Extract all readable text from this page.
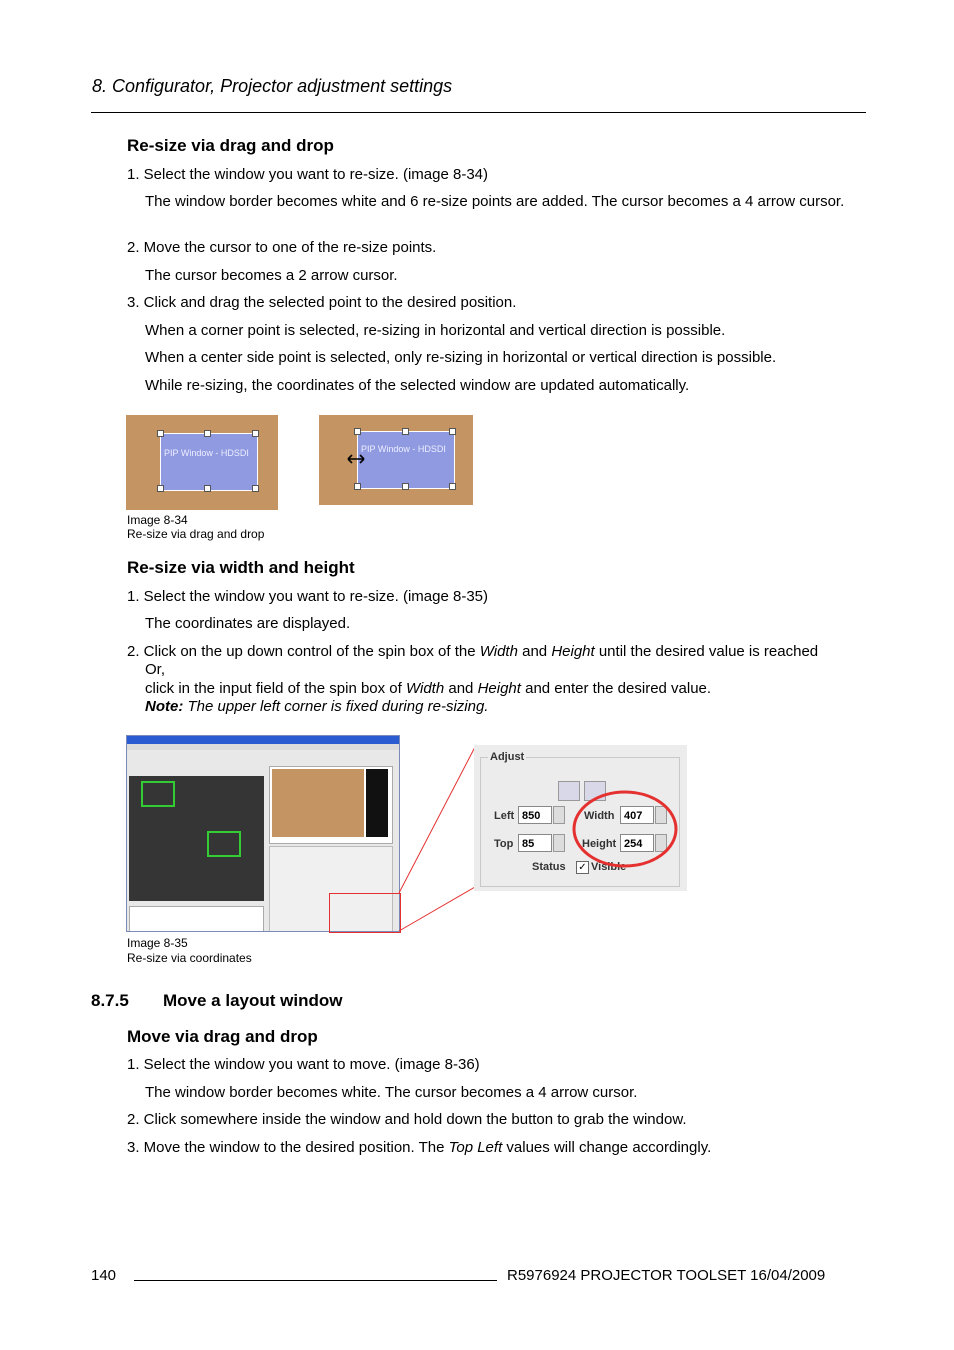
8. Configurator, Projector adjustment settings
Re-size via drag and drop
1. Select the window you want to re-size. (image 8-34)
The window border becomes white and 6 re-size points are added. The cursor becomes a 4 arrow cursor.
2. Move the cursor to one of the re-size points.
The cursor becomes a 2 arrow cursor.
3. Click and drag the selected point to the desired position.
When a corner point is selected, re-sizing in horizontal and vertical direction is possible.
When a center side point is selected, only re-sizing in horizontal or vertical direction is possible.
While re-sizing, the coordinates of the selected window are updated automatically.
PIP Window - HDSDI	PIP Window - HDSDI
Image 8-34
Re-size via drag and drop
Re-size via width and height
1. Select the window you want to re-size. (image 8-35)
The coordinates are displayed.
2. Click on the up down control of the spin box of the Width and Height until the desired value is reached
Or,
click in the input field of the spin box of Width and Height and enter the desired value.
Note: The upper left corner is fixed during re-sizing.
Adjust
Left 850
Top 85
Width 407
Height 254
Status ✓ Visible
Image 8-35
Re-size via coordinates
8.7.5 Move a layout window
Move via drag and drop
1. Select the window you want to move. (image 8-36)
The window border becomes white. The cursor becomes a 4 arrow cursor.
2. Click somewhere inside the window and hold down the button to grab the window.
3. Move the window to the desired position. The Top Left values will change accordingly.
140	R5976924 PROJECTOR TOOLSET 16/04/2009
